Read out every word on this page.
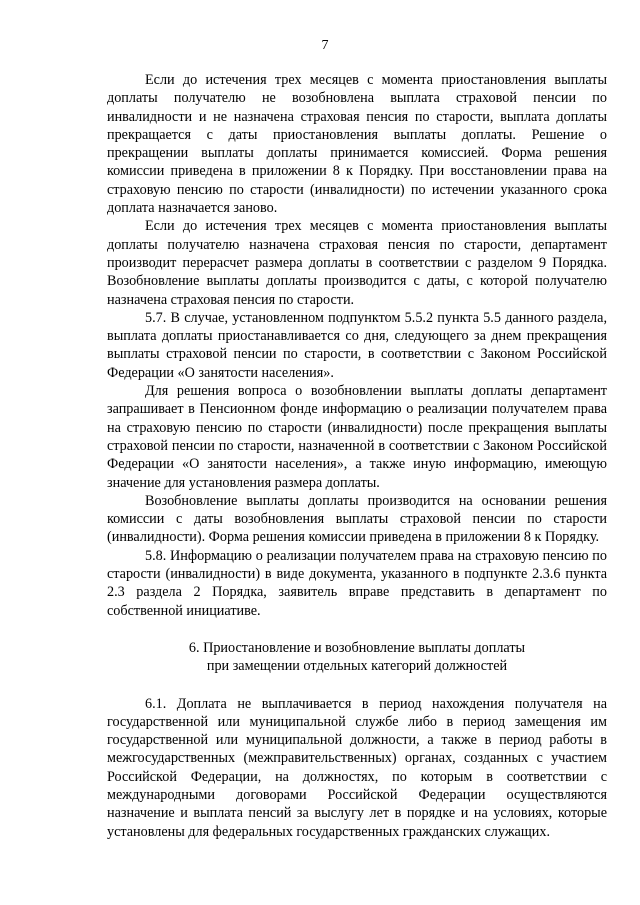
7

Если до истечения трех месяцев с момента приостановления выплаты доплаты получателю не возобновлена выплата страховой пенсии по инвалидности и не назначена страховая пенсия по старости, выплата доплаты прекращается с даты приостановления выплаты доплаты. Решение о прекращении выплаты доплаты принимается комиссией. Форма решения комиссии приведена в приложении 8 к Порядку. При восстановлении права на страховую пенсию по старости (инвалидности) по истечении указанного срока доплата назначается заново.

Если до истечения трех месяцев с момента приостановления выплаты доплаты получателю назначена страховая пенсия по старости, департамент производит перерасчет размера доплаты в соответствии с разделом 9 Порядка. Возобновление выплаты доплаты производится с даты, с которой получателю назначена страховая пенсия по старости.

5.7. В случае, установленном подпунктом 5.5.2 пункта 5.5 данного раздела, выплата доплаты приостанавливается со дня, следующего за днем прекращения выплаты страховой пенсии по старости, в соответствии с Законом Российской Федерации «О занятости населения».

Для решения вопроса о возобновлении выплаты доплаты департамент запрашивает в Пенсионном фонде информацию о реализации получателем права на страховую пенсию по старости (инвалидности) после прекращения выплаты страховой пенсии по старости, назначенной в соответствии с Законом Российской Федерации «О занятости населения», а также иную информацию, имеющую значение для установления размера доплаты.

Возобновление выплаты доплаты производится на основании решения комиссии с даты возобновления выплаты страховой пенсии по старости (инвалидности). Форма решения комиссии приведена в приложении 8 к Порядку.

5.8. Информацию о реализации получателем права на страховую пенсию по старости (инвалидности) в виде документа, указанного в подпункте 2.3.6 пункта 2.3 раздела 2 Порядка, заявитель вправе представить в департамент по собственной инициативе.

6. Приостановление и возобновление выплаты доплаты
при замещении отдельных категорий должностей

6.1. Доплата не выплачивается в период нахождения получателя на государственной или муниципальной службе либо в период замещения им государственной или муниципальной должности, а также в период работы в межгосударственных (межправительственных) органах, созданных с участием Российской Федерации, на должностях, по которым в соответствии с международными договорами Российской Федерации осуществляются назначение и выплата пенсий за выслугу лет в порядке и на условиях, которые установлены для федеральных государственных гражданских служащих.
